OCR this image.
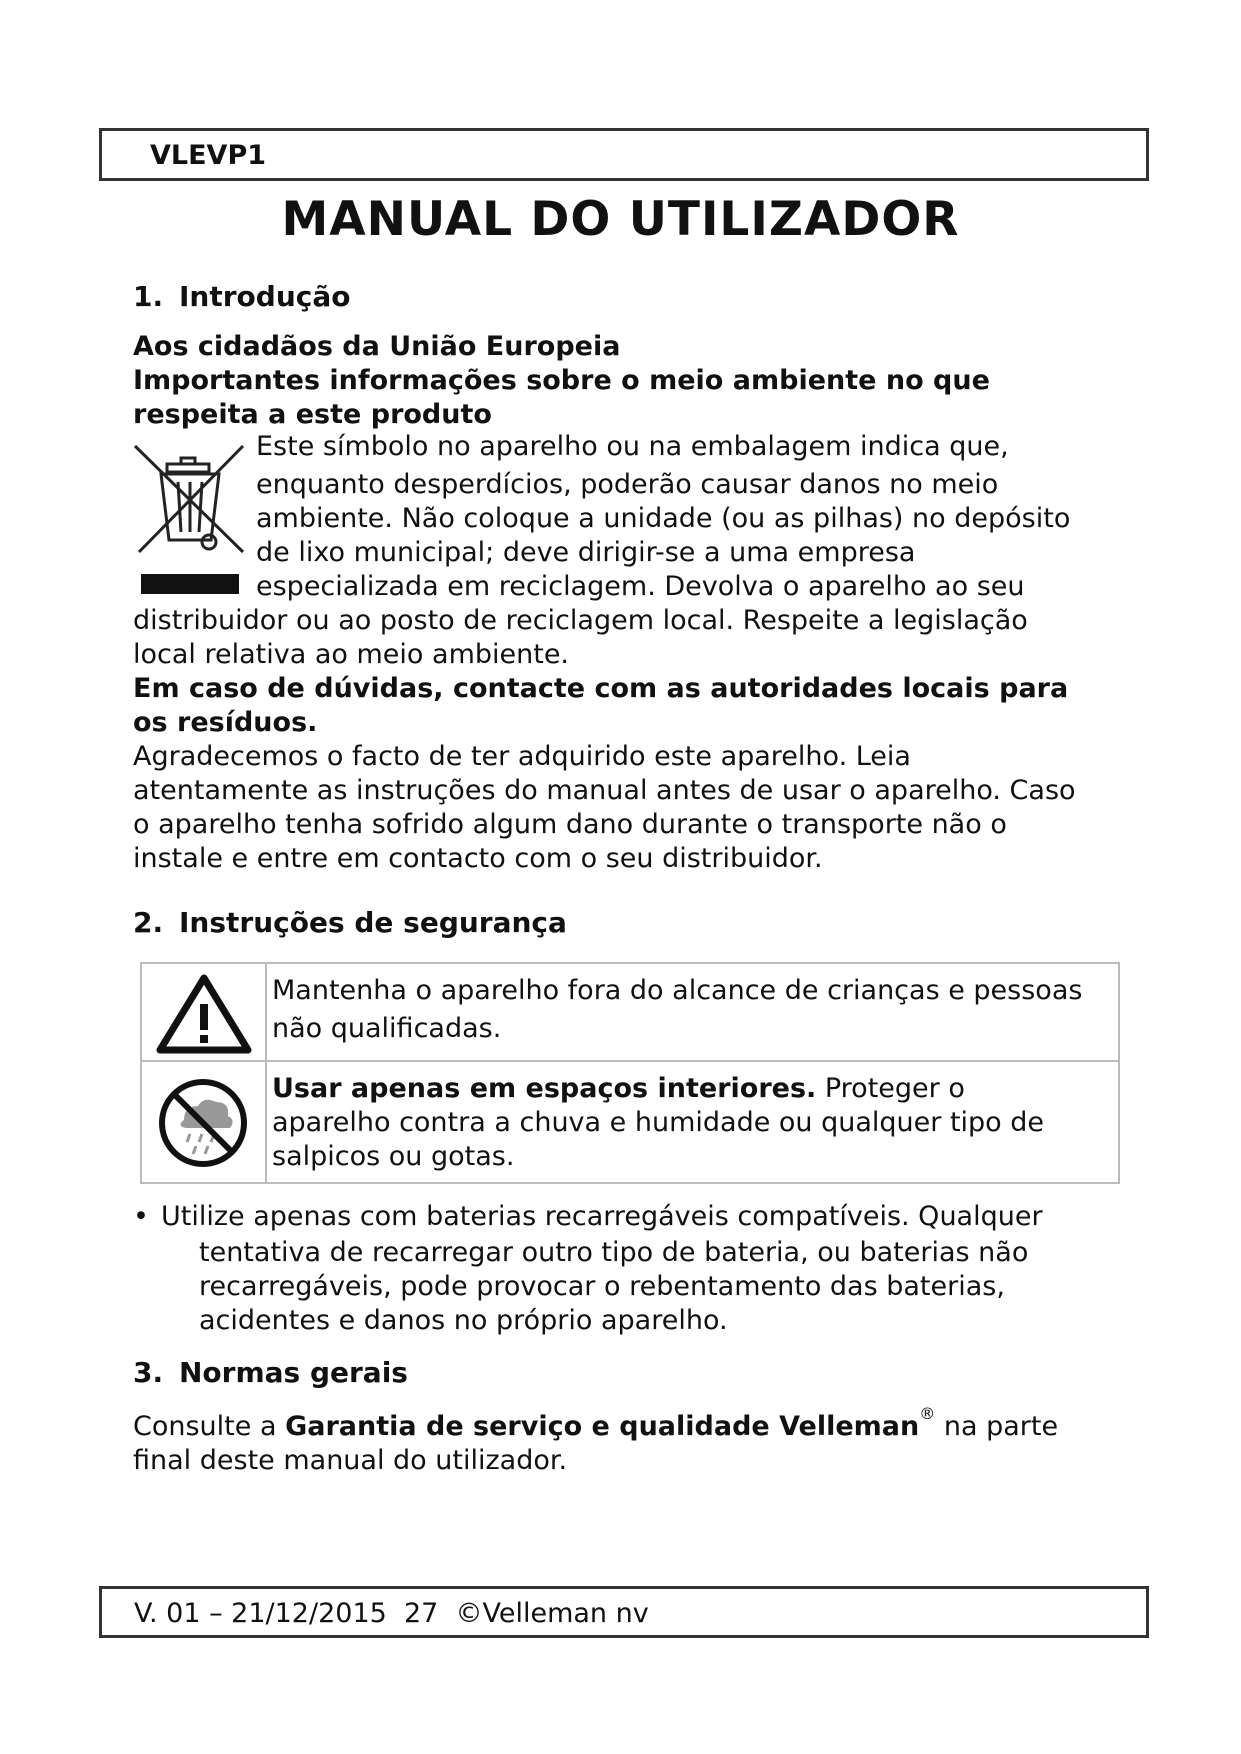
VLEVP1
MANUAL DO UTILIZADOR
1. Introdução
Aos cidadãos da União Europeia
Importantes informações sobre o meio ambiente no que
respeita a este produto
Este símbolo no aparelho ou na embalagem indica que,
enquanto desperdícios, poderão causar danos no meio
ambiente. Não coloque a unidade (ou as pilhas) no depósito
de lixo municipal; deve dirigir-se a uma empresa
especializada em reciclagem. Devolva o aparelho ao seu
distribuidor ou ao posto de reciclagem local. Respeite a legislação
local relativa ao meio ambiente.
Em caso de dúvidas, contacte com as autoridades locais para
os resíduos.
Agradecemos o facto de ter adquirido este aparelho. Leia
atentamente as instruções do manual antes de usar o aparelho. Caso
o aparelho tenha sofrido algum dano durante o transporte não o
instale e entre em contacto com o seu distribuidor.
2. Instruções de segurança
Mantenha o aparelho fora do alcance de crianças e pessoas
não qualificadas.
Usar apenas em espaços interiores. Proteger o
aparelho contra a chuva e humidade ou qualquer tipo de
salpicos ou gotas.
• Utilize apenas com baterias recarregáveis compatíveis. Qualquer
tentativa de recarregar outro tipo de bateria, ou baterias não
recarregáveis, pode provocar o rebentamento das baterias,
acidentes e danos no próprio aparelho.
3. Normas gerais
Consulte a Garantia de serviço e qualidade Velleman® na parte
final deste manual do utilizador.
V. 01 – 21/12/2015  27  ©Velleman nv
